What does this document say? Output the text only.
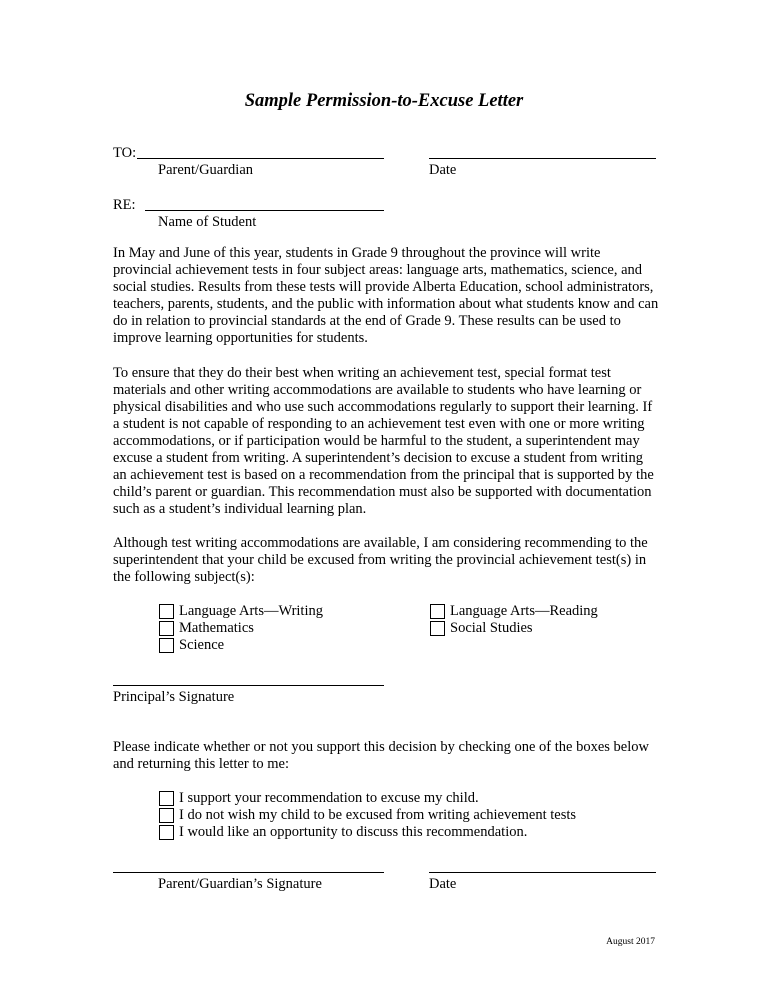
Sample Permission-to-Excuse Letter
TO:
Parent/Guardian	Date
RE:
Name of Student

In May and June of this year, students in Grade 9 throughout the province will write provincial achievement tests in four subject areas: language arts, mathematics, science, and social studies. Results from these tests will provide Alberta Education, school administrators, teachers, parents, students, and the public with information about what students know and can do in relation to provincial standards at the end of Grade 9. These results can be used to improve learning opportunities for students.

To ensure that they do their best when writing an achievement test, special format test materials and other writing accommodations are available to students who have learning or physical disabilities and who use such accommodations regularly to support their learning. If a student is not capable of responding to an achievement test even with one or more writing accommodations, or if participation would be harmful to the student, a superintendent may excuse a student from writing. A superintendent’s decision to excuse a student from writing an achievement test is based on a recommendation from the principal that is supported by the child’s parent or guardian. This recommendation must also be supported with documentation such as a student’s individual learning plan.

Although test writing accommodations are available, I am considering recommending to the superintendent that your child be excused from writing the provincial achievement test(s) in the following subject(s):

Language Arts—Writing
Mathematics
Science
Language Arts—Reading
Social Studies
Principal’s Signature

Please indicate whether or not you support this decision by checking one of the boxes below and returning this letter to me:

I support your recommendation to excuse my child.
I do not wish my child to be excused from writing achievement tests
I would like an opportunity to discuss this recommendation.
Parent/Guardian’s Signature	Date
August 2017
